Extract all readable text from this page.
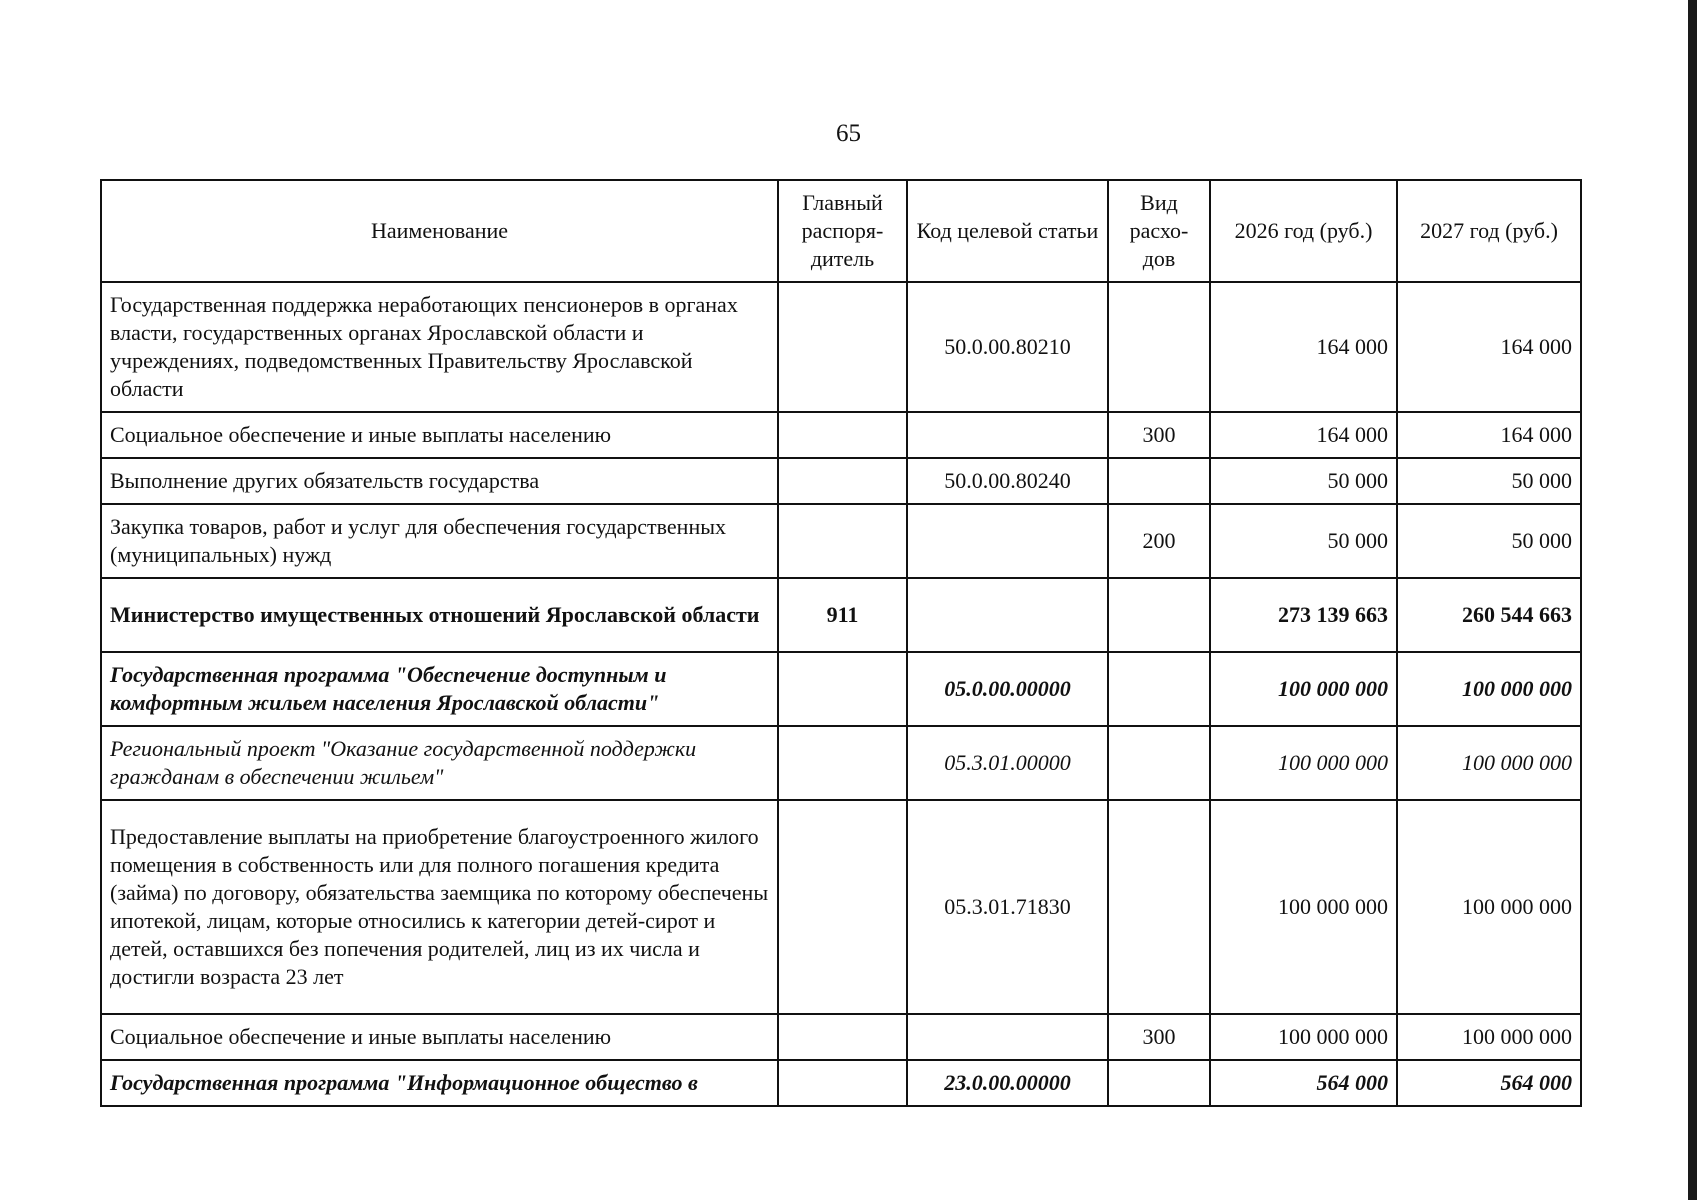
65
Наименование	Главный распоря-дитель	Код целевой статьи	Вид расхо-дов	2026 год (руб.)	2027 год (руб.)
Государственная поддержка неработающих пенсионеров в органах власти, государственных органах Ярославской области и учреждениях, подведомственных Правительству Ярославской области		50.0.00.80210		164 000	164 000
Социальное обеспечение и иные выплаты населению			300	164 000	164 000
Выполнение других обязательств государства		50.0.00.80240		50 000	50 000
Закупка товаров, работ и услуг для обеспечения государственных (муниципальных) нужд			200	50 000	50 000
Министерство имущественных отношений Ярославской области	911			273 139 663	260 544 663
Государственная программа "Обеспечение доступным и комфортным жильем населения Ярославской области"		05.0.00.00000		100 000 000	100 000 000
Региональный проект "Оказание государственной поддержки гражданам в обеспечении жильем"		05.3.01.00000		100 000 000	100 000 000
Предоставление выплаты на приобретение благоустроенного жилого помещения в собственность или для полного погашения кредита (займа) по договору, обязательства заемщика по которому обеспечены ипотекой, лицам, которые относились к категории детей-сирот и детей, оставшихся без попечения родителей, лиц из их числа и достигли возраста 23 лет		05.3.01.71830		100 000 000	100 000 000
Социальное обеспечение и иные выплаты населению			300	100 000 000	100 000 000
Государственная программа "Информационное общество в		23.0.00.00000		564 000	564 000
